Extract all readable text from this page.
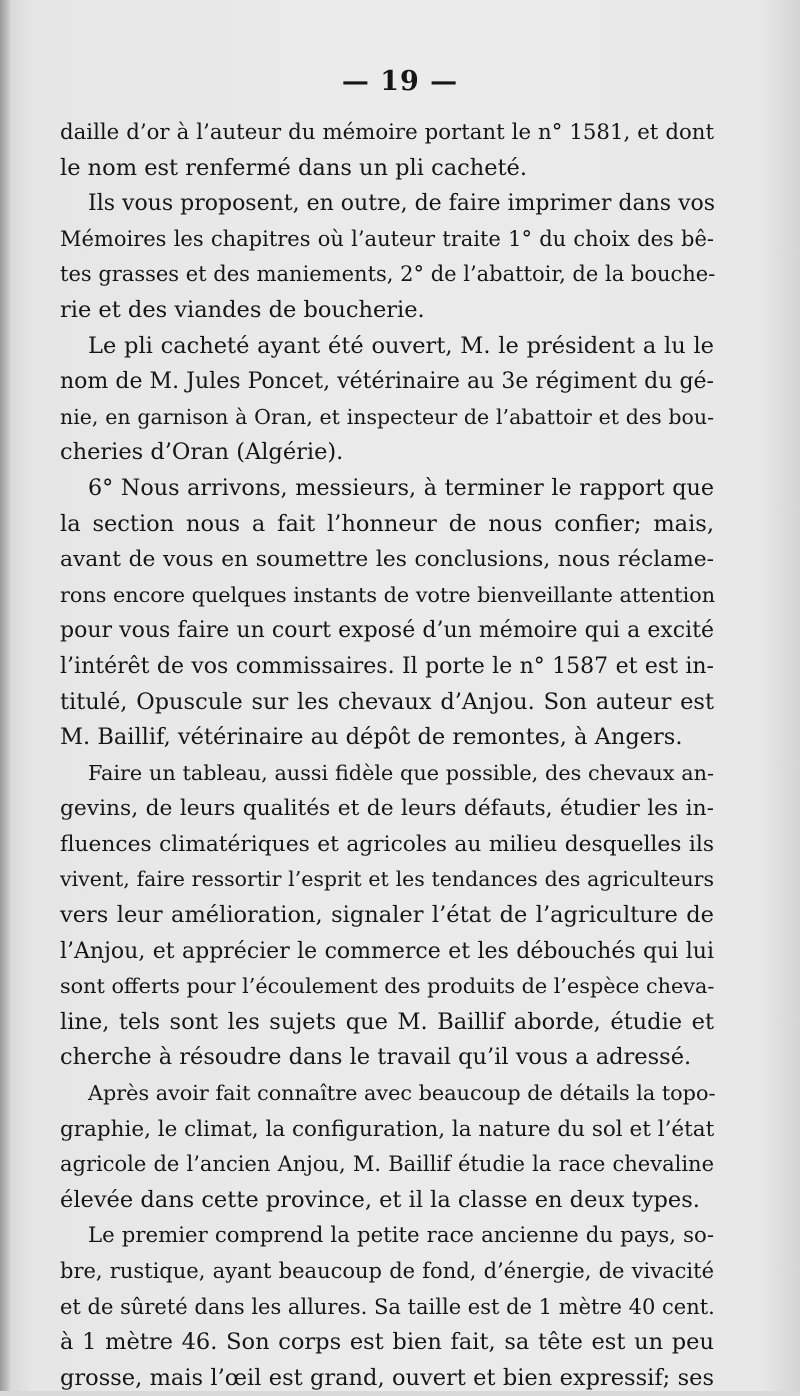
— 19 —
daille d’or à l’auteur du mémoire portant le n° 1581, et dont
le nom est renfermé dans un pli cacheté.
Ils vous proposent, en outre, de faire imprimer dans vos
Mémoires les chapitres où l’auteur traite 1° du choix des bê-
tes grasses et des maniements, 2° de l’abattoir, de la bouche-
rie et des viandes de boucherie.
Le pli cacheté ayant été ouvert, M. le président a lu le
nom de M. Jules Poncet, vétérinaire au 3e régiment du gé-
nie, en garnison à Oran, et inspecteur de l’abattoir et des bou-
cheries d’Oran (Algérie).
6° Nous arrivons, messieurs, à terminer le rapport que
la section nous a fait l’honneur de nous confier; mais,
avant de vous en soumettre les conclusions, nous réclame-
rons encore quelques instants de votre bienveillante attention
pour vous faire un court exposé d’un mémoire qui a excité
l’intérêt de vos commissaires. Il porte le n° 1587 et est in-
titulé, Opuscule sur les chevaux d’Anjou. Son auteur est
M. Baillif, vétérinaire au dépôt de remontes, à Angers.
Faire un tableau, aussi fidèle que possible, des chevaux an-
gevins, de leurs qualités et de leurs défauts, étudier les in-
fluences climatériques et agricoles au milieu desquelles ils
vivent, faire ressortir l’esprit et les tendances des agriculteurs
vers leur amélioration, signaler l’état de l’agriculture de
l’Anjou, et apprécier le commerce et les débouchés qui lui
sont offerts pour l’écoulement des produits de l’espèce cheva-
line, tels sont les sujets que M. Baillif aborde, étudie et
cherche à résoudre dans le travail qu’il vous a adressé.
Après avoir fait connaître avec beaucoup de détails la topo-
graphie, le climat, la configuration, la nature du sol et l’état
agricole de l’ancien Anjou, M. Baillif étudie la race chevaline
élevée dans cette province, et il la classe en deux types.
Le premier comprend la petite race ancienne du pays, so-
bre, rustique, ayant beaucoup de fond, d’énergie, de vivacité
et de sûreté dans les allures. Sa taille est de 1 mètre 40 cent.
à 1 mètre 46. Son corps est bien fait, sa tête est un peu
grosse, mais l’œil est grand, ouvert et bien expressif; ses
